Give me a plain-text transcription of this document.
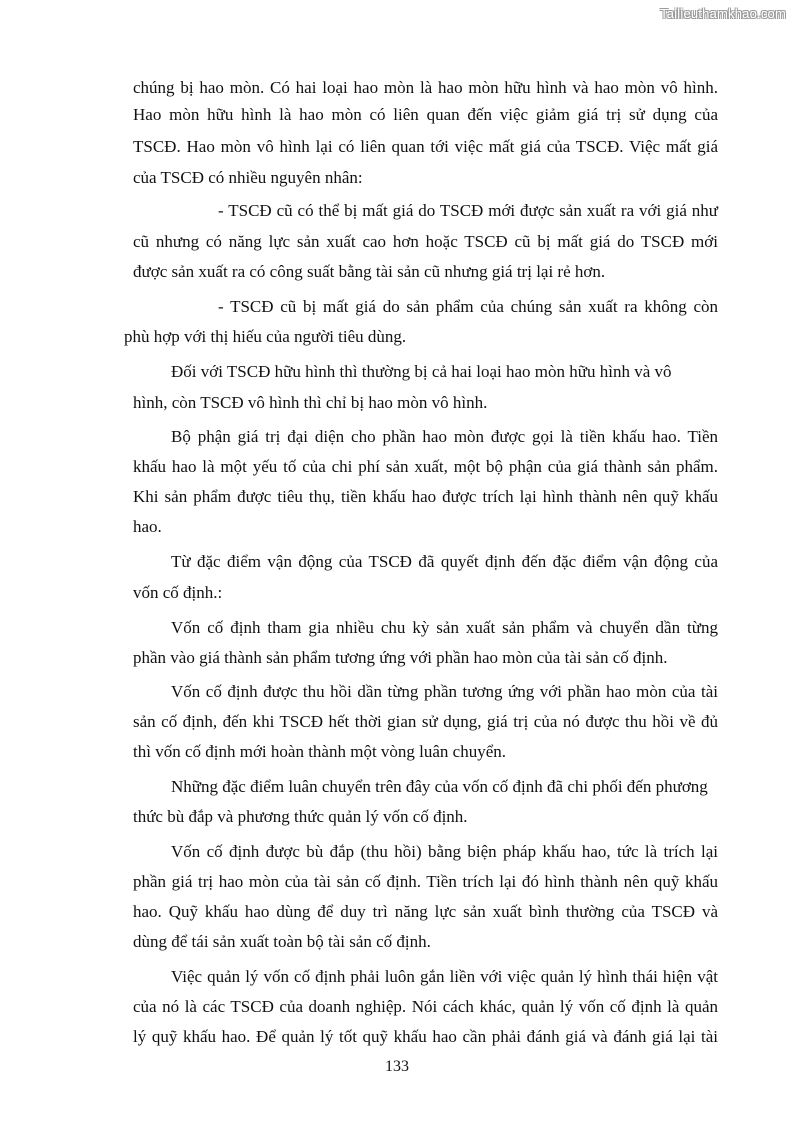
Tailieuthamkhao.com
chúng bị hao mòn. Có hai loại hao mòn là hao mòn hữu hình và hao mòn vô hình.
Hao mòn hữu hình là hao mòn có liên quan đến việc giảm giá trị sử dụng của
TSCĐ. Hao mòn vô hình lại có liên quan tới việc mất giá của TSCĐ. Việc mất giá
của TSCĐ có nhiều nguyên nhân:
- TSCĐ cũ có thể bị mất giá do TSCĐ mới được sản xuất ra với giá như
cũ nhưng có năng lực sản xuất cao hơn hoặc TSCĐ cũ bị mất giá do TSCĐ mới
được sản xuất ra có công suất bằng tài sản cũ nhưng giá trị lại rẻ hơn.
- TSCĐ cũ bị mất giá do sản phẩm của chúng sản xuất ra không còn
phù hợp với thị hiếu của người tiêu dùng.
Đối với TSCĐ hữu hình thì thường bị cả hai loại hao mòn hữu hình và vô
hình, còn TSCĐ vô hình thì chỉ bị hao mòn vô hình.
Bộ phận giá trị đại diện cho phần hao mòn được gọi là tiền khấu hao. Tiền
khấu hao là một yếu tố của chi phí sản xuất, một bộ phận của giá thành sản phẩm.
Khi sản phẩm được tiêu thụ, tiền khấu hao được trích lại hình thành nên quỹ khấu
hao.
Từ đặc điểm vận động của TSCĐ đã quyết định đến đặc điểm vận động của
vốn cố định.:
Vốn cố định tham gia nhiều chu kỳ sản xuất sản phẩm và chuyển dần từng
phần vào giá thành sản phẩm tương ứng với phần hao mòn của tài sản cố định.
Vốn cố định được thu hồi dần từng phần tương ứng với phần hao mòn của tài
sản cố định, đến khi TSCĐ hết thời gian sử dụng, giá trị của nó được thu hồi về đủ
thì vốn cố định mới hoàn thành một vòng luân chuyển.
Những đặc điểm luân chuyển trên đây của vốn cố định đã chi phối đến phương
thức bù đắp và phương thức quản lý vốn cố định.
Vốn cố định được bù đắp (thu hồi) bằng biện pháp khấu hao, tức là trích lại
phần giá trị hao mòn của tài sản cố định. Tiền trích lại đó hình thành nên quỹ khấu
hao. Quỹ khấu hao dùng để duy trì năng lực sản xuất bình thường của TSCĐ và
dùng để tái sản xuất toàn bộ tài sản cố định.
Việc quản lý vốn cố định phải luôn gắn liền với việc quản lý hình thái hiện vật
của nó là các TSCĐ của doanh nghiệp. Nói cách khác, quản lý vốn cố định là quản
lý quỹ khấu hao. Để quản lý tốt quỹ khấu hao cần phải đánh giá và đánh giá lại tài
133
